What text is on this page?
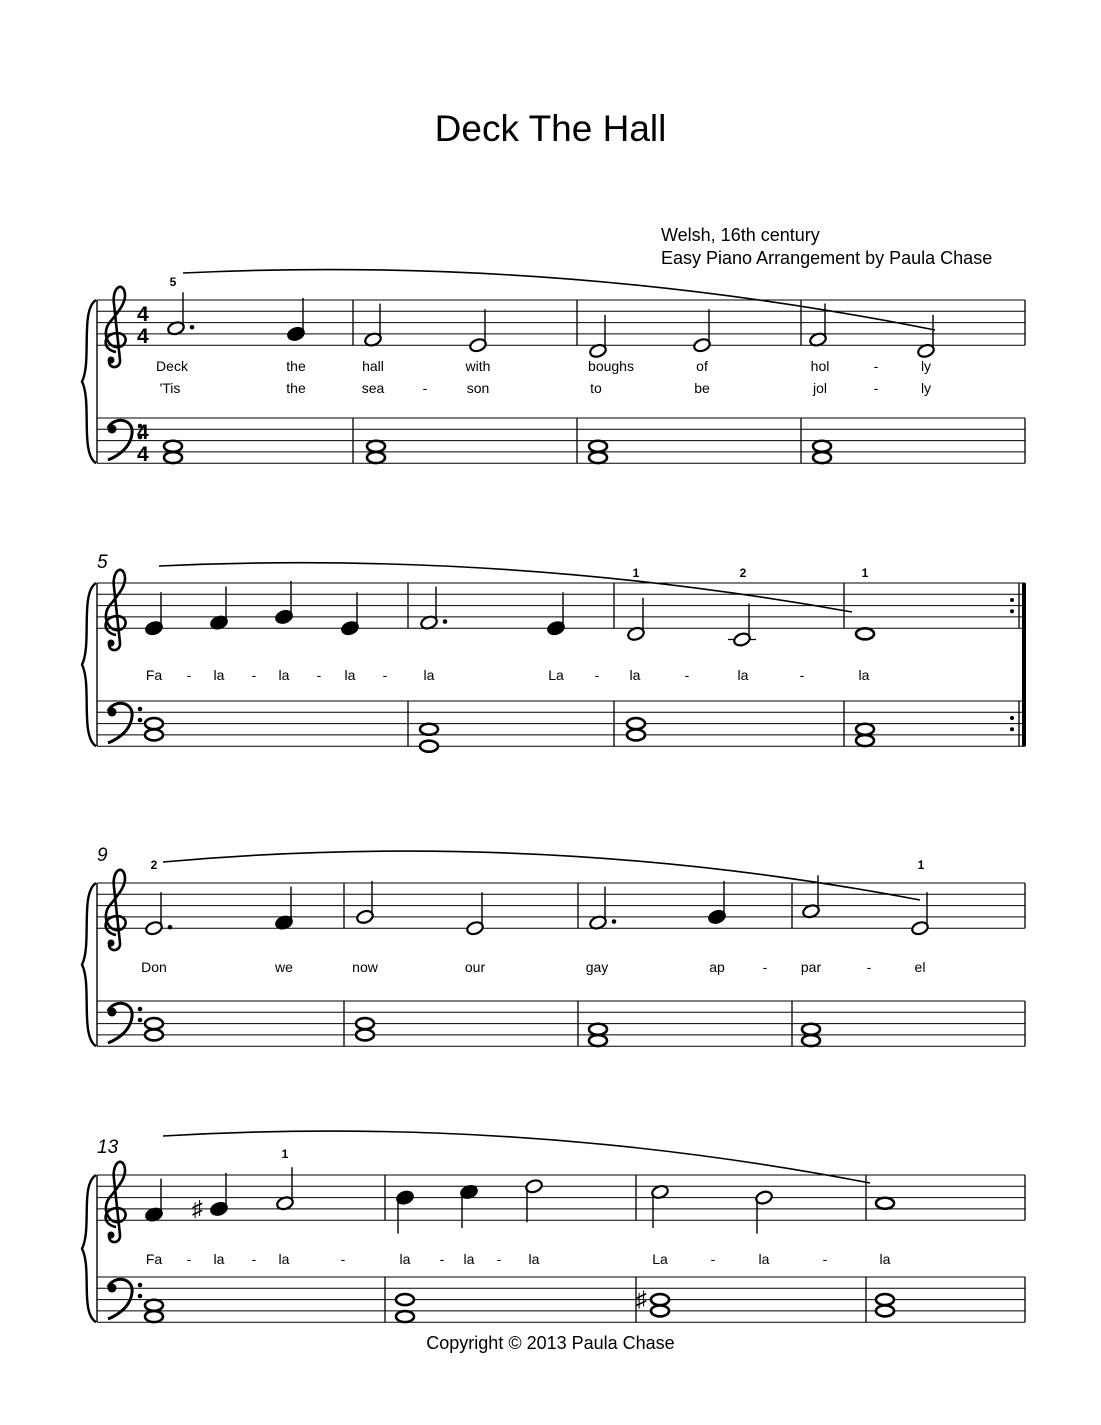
Deck The Hall
Welsh, 16th century
Easy Piano Arrangement by Paula Chase
Copyright © 2013 Paula Chase
4
4
4
4
5
Deck	the	hall	with	boughs	of	hol	-	ly
'Tis	the	sea	-	son	to	be	jol	-	ly
5	1	2	1
Fa - la - la - la -	la	La - la	-	la	-	la
9	2	1
Don	we	now	our	gay	ap	- par	-	el
13	1
♯
♯
Fa - la - la	-	la - la - la	La	-	la	-	la
